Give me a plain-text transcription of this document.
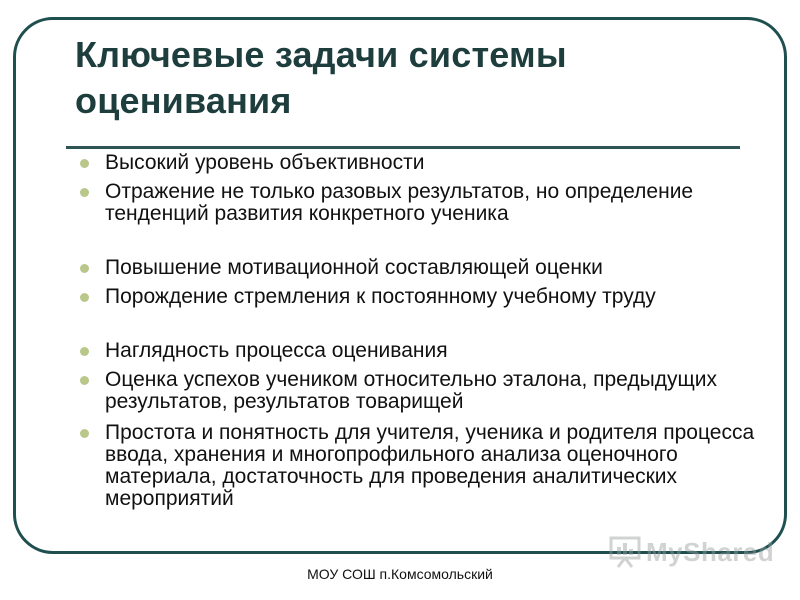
Ключевые задачи системы оценивания
Высокий уровень объективности
Отражение не только разовых результатов, но определение тенденций развития конкретного ученика
Повышение мотивационной составляющей оценки
Порождение стремления к постоянному учебному труду
Наглядность процесса оценивания
Оценка успехов учеником относительно эталона, предыдущих результатов, результатов товарищей
Простота и понятность для учителя, ученика и родителя процесса ввода, хранения и многопрофильного анализа оценочного материала, достаточность для проведения аналитических мероприятий
MyShared
МОУ СОШ п.Комсомольский
